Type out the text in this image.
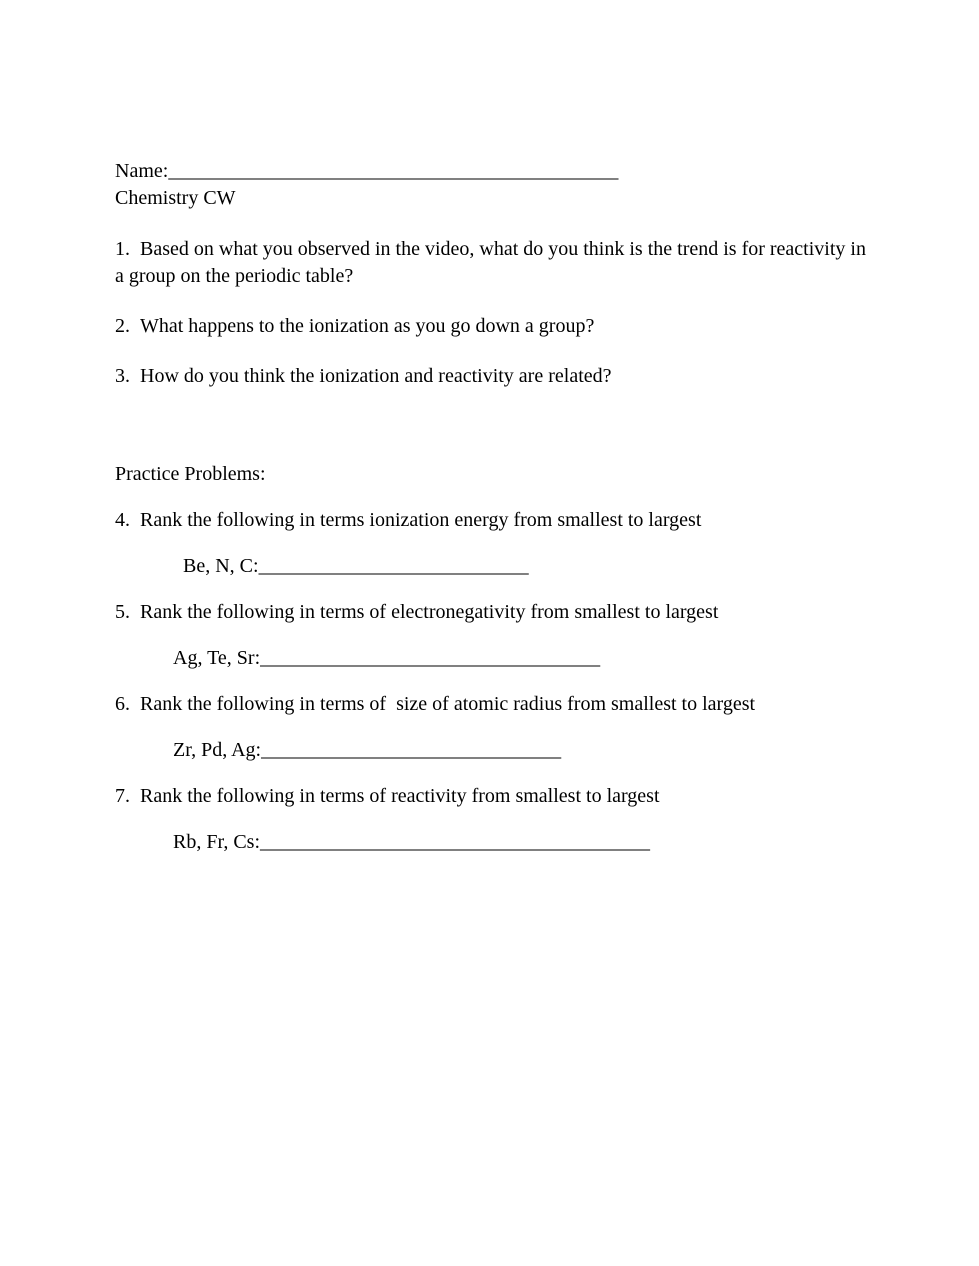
Name:_____________________________________________

Chemistry CW

1. Based on what you observed in the video, what do you think is the trend is for reactivity in a group on the periodic table?

2. What happens to the ionization as you go down a group?

3. How do you think the ionization and reactivity are related?

Practice Problems:

4. Rank the following in terms ionization energy from smallest to largest

Be, N, C:___________________________

5. Rank the following in terms of electronegativity from smallest to largest

Ag, Te, Sr:__________________________________

6. Rank the following in terms of  size of atomic radius from smallest to largest

Zr, Pd, Ag:______________________________

7. Rank the following in terms of reactivity from smallest to largest

Rb, Fr, Cs:_______________________________________
